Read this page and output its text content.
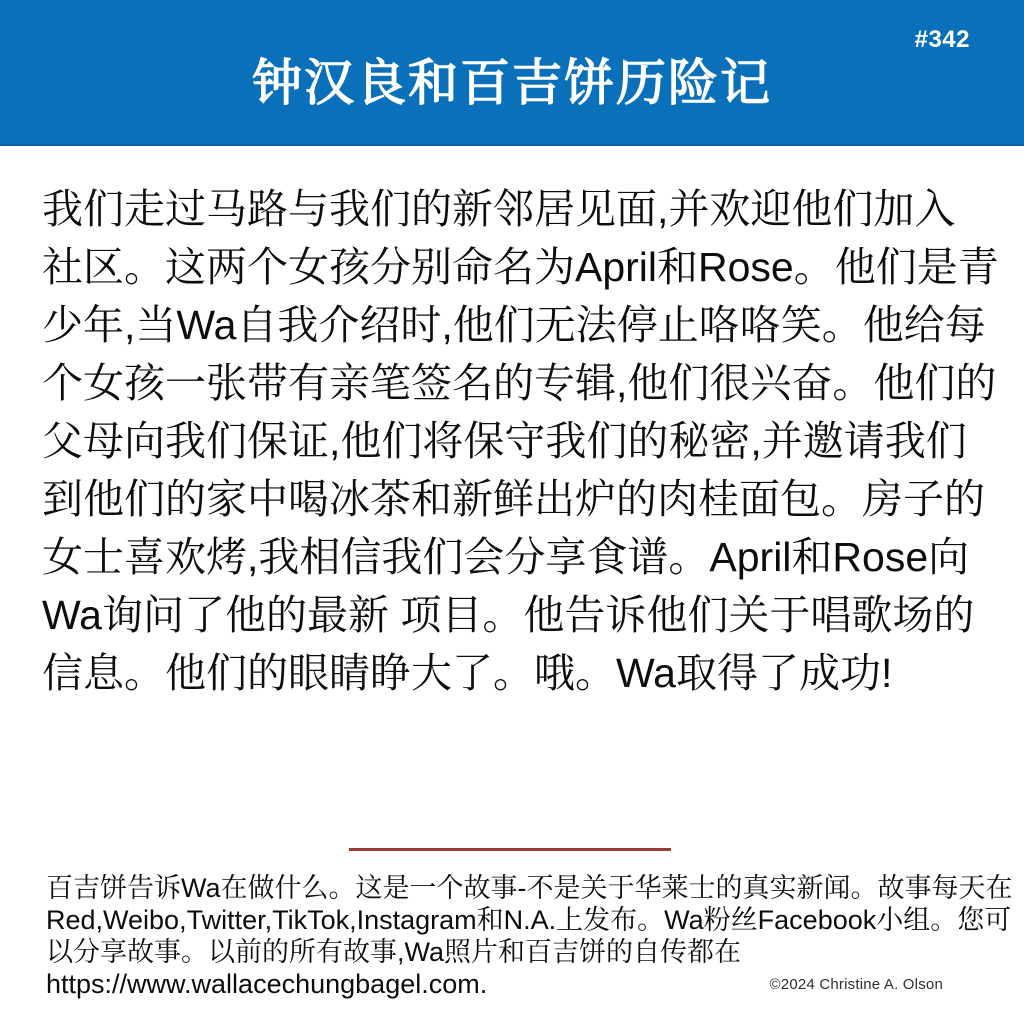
#342
钟汉良和百吉饼历险记

我们走过马路与我们的新邻居见面,并欢迎他们加入

社区。这两个女孩分别命名为April和Rose。他们是青

少年,当Wa自我介绍时,他们无法停止咯咯笑。他给每

个女孩一张带有亲笔签名的专辑,他们很兴奋。他们的

父母向我们保证,他们将保守我们的秘密,并邀请我们

到他们的家中喝冰茶和新鲜出炉的肉桂面包。房子的

女士喜欢烤,我相信我们会分享食谱。April和Rose向

Wa询问了他的最新 项目。他告诉他们关于唱歌场的

信息。他们的眼睛睁大了。哦。Wa取得了成功!

百吉饼告诉Wa在做什么。这是一个故事-不是关于华莱士的真实新闻。故事每天在

Red,Weibo,Twitter,TikTok,Instagram和N.A.上发布。Wa粉丝Facebook小组。您可

以分享故事。以前的所有故事,Wa照片和百吉饼的自传都在

https://www.wallacechungbagel.com.	©2024 Christine A. Olson
